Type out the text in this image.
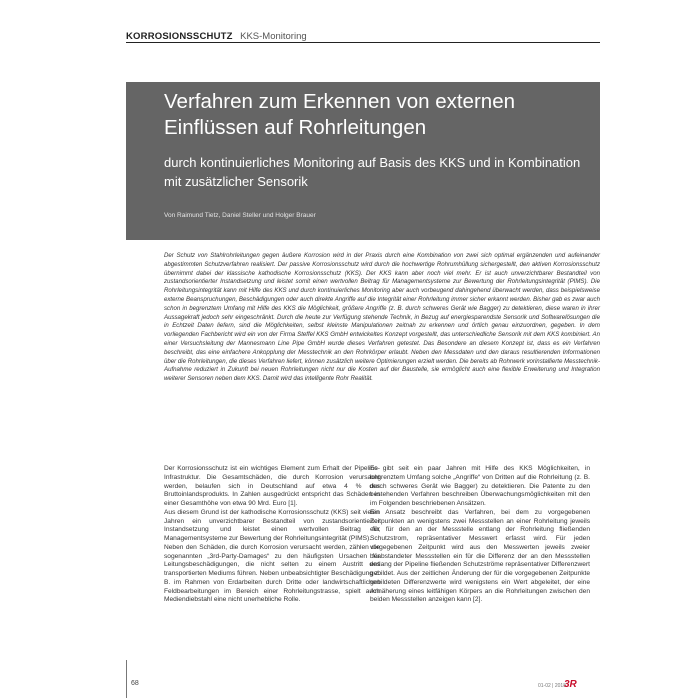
KORROSIONSSCHUTZ KKS-Monitoring
Verfahren zum Erkennen von externen Einflüssen auf Rohrleitungen

durch kontinuierliches Monitoring auf Basis des KKS und in Kombination mit zusätzlicher Sensorik

Von Raimund Tietz, Daniel Steller und Holger Brauer

Der Schutz von Stahlrohrleitungen gegen äußere Korrosion wird in der Praxis durch eine Kombination von zwei sich optimal ergänzenden und aufeinander abgestimmten Schutzverfahren realisiert. Der passive Korrosionsschutz wird durch die hochwertige Rohrumhüllung sichergestellt, den aktiven Korrosionsschutz übernimmt dabei der klassische kathodische Korrosionsschutz (KKS). Der KKS kann aber noch viel mehr. Er ist auch unverzichtbarer Bestandteil von zustandsorientierter Instandsetzung und leistet somit einen wertvollen Beitrag für Managementsysteme zur Bewertung der Rohrleitungsintegrität (PIMS). Die Rohrleitungsintegrität kann mit Hilfe des KKS und durch kontinuierliches Monitoring aber auch vorbeugend dahingehend überwacht werden, dass beispielsweise externe Beanspruchungen, Beschädigungen oder auch direkte Angriffe auf die Integrität einer Rohrleitung immer sicher erkannt werden. Bisher gab es zwar auch schon in begrenztem Umfang mit Hilfe des KKS die Möglichkeit, größere Angriffe (z. B. durch schweres Gerät wie Bagger) zu detektieren, diese waren in ihrer Aussagekraft jedoch sehr eingeschränkt. Durch die heute zur Verfügung stehende Technik, in Bezug auf energiesparendste Sensorik und Softwarelösungen die in Echtzeit Daten liefern, sind die Möglichkeiten, selbst kleinste Manipulationen zeitnah zu erkennen und örtlich genau einzuordnen, gegeben. In dem vorliegenden Fachbericht wird ein von der Firma Steffel KKS GmbH entwickeltes Konzept vorgestellt, das unterschiedliche Sensorik mit dem KKS kombiniert. An einer Versuchsleitung der Mannesmann Line Pipe GmbH wurde dieses Verfahren getestet. Das Besondere an diesem Konzept ist, dass es ein Verfahren beschreibt, das eine einfachere Ankopplung der Messtechnik an den Rohrkörper erlaubt. Neben den Messdaten und den daraus resultierenden Informationen über die Rohrleitungen, die dieses Verfahren liefert, können zusätzlich weitere Optimierungen erzielt werden. Die bereits ab Rohrwerk vorinstallierte Messtechnik-Aufnahme reduziert in Zukunft bei neuen Rohrleitungen nicht nur die Kosten auf der Baustelle, sie ermöglicht auch eine flexible Erweiterung und Integration weiterer Sensoren neben dem KKS. Damit wird das intelligente Rohr Realität.

Der Korrosionsschutz ist ein wichtiges Element zum Erhalt der Pipeline-Infrastruktur. Die Gesamtschäden, die durch Korrosion verursacht werden, belaufen sich in Deutschland auf etwa 4 % des Bruttoinlandsprodukts. In Zahlen ausgedrückt entspricht das Schäden in einer Gesamthöhe von etwa 90 Mrd. Euro [1].

Aus diesem Grund ist der kathodische Korrosionsschutz (KKS) seit vielen Jahren ein unverzichtbarer Bestandteil von zustandsorientierter Instandsetzung und leistet einen wertvollen Beitrag für Managementsysteme zur Bewertung der Rohrleitungsintegrität (PIMS).

Neben den Schäden, die durch Korrosion verursacht werden, zählen die sogenannten „3rd-Party-Damages“ zu den häufigsten Ursachen für Leitungsbeschädigungen, die nicht selten zu einem Austritt des transportierten Mediums führen. Neben unbeabsichtigter Beschädigung z. B. im Rahmen von Erdarbeiten durch Dritte oder landwirtschaftlichen Feldbearbeitungen im Bereich einer Rohrleitungstrasse, spielt auch Mediendiebstahl eine nicht unerhebliche Rolle.

Es gibt seit ein paar Jahren mit Hilfe des KKS Möglichkeiten, in begrenztem Umfang solche „Angriffe“ von Dritten auf die Rohrleitung (z. B. durch schweres Gerät wie Bagger) zu detektieren. Die Patente zu den bestehenden Verfahren beschreiben Überwachungsmöglichkeiten mit den im Folgenden beschriebenen Ansätzen.

Ein Ansatz beschreibt das Verfahren, bei dem zu vorgegebenen Zeitpunkten an wenigstens zwei Messstellen an einer Rohrleitung jeweils ein, für den an der Messstelle entlang der Rohrleitung fließenden Schutzstrom, repräsentativer Messwert erfasst wird. Für jeden vorgegebenen Zeitpunkt wird aus den Messwerten jeweils zweier beabstandeter Messstellen ein für die Differenz der an den Messstellen entlang der Pipeline fließenden Schutzströme repräsentativer Differenzwert gebildet. Aus der zeitlichen Änderung der für die vorgegebenen Zeitpunkte gebildeten Differenzwerte wird wenigstens ein Wert abgeleitet, der eine Annäherung eines leitfähigen Körpers an die Rohrleitungen zwischen den beiden Messstellen anzeigen kann [2].

68	01-02 | 2018
3R
